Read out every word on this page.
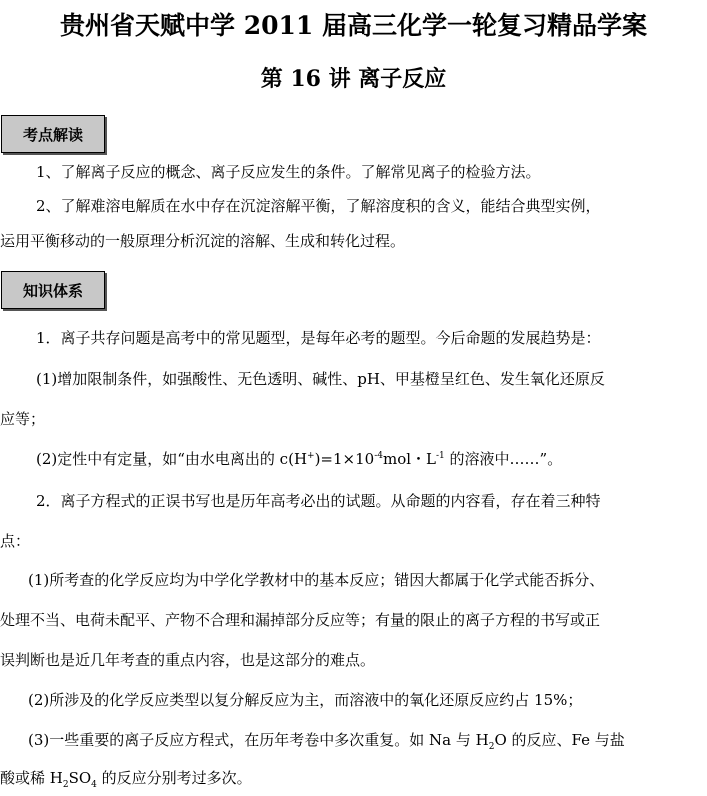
贵州省天赋中学 2011 届高三化学一轮复习精品学案
第 16 讲 离子反应
考点解读
1、了解离子反应的概念、离子反应发生的条件。了解常见离子的检验方法。
2、了解难溶电解质在水中存在沉淀溶解平衡，了解溶度积的含义，能结合典型实例，
运用平衡移动的一般原理分析沉淀的溶解、生成和转化过程。
知识体系
1．离子共存问题是高考中的常见题型，是每年必考的题型。今后命题的发展趋势是：
(1)增加限制条件，如强酸性、无色透明、碱性、pH、甲基橙呈红色、发生氧化还原反
应等；
(2)定性中有定量，如“由水电离出的 $c(H^+)=1\times 10^{-4}mol$・$L^{-1}$ 的溶液中……”。
2．离子方程式的正误书写也是历年高考必出的试题。从命题的内容看，存在着三种特
点：
(1)所考查的化学反应均为中学化学教材中的基本反应；错因大都属于化学式能否拆分、
处理不当、电荷未配平、产物不合理和漏掉部分反应等；有量的限止的离子方程的书写或正
误判断也是近几年考查的重点内容，也是这部分的难点。
(2)所涉及的化学反应类型以复分解反应为主，而溶液中的氧化还原反应约占 15%；
(3)一些重要的离子反应方程式，在历年考卷中多次重复。如 Na 与 $H_2O$ 的反应、Fe 与盐
酸或稀 $H_2SO_4$ 的反应分别考过多次。
